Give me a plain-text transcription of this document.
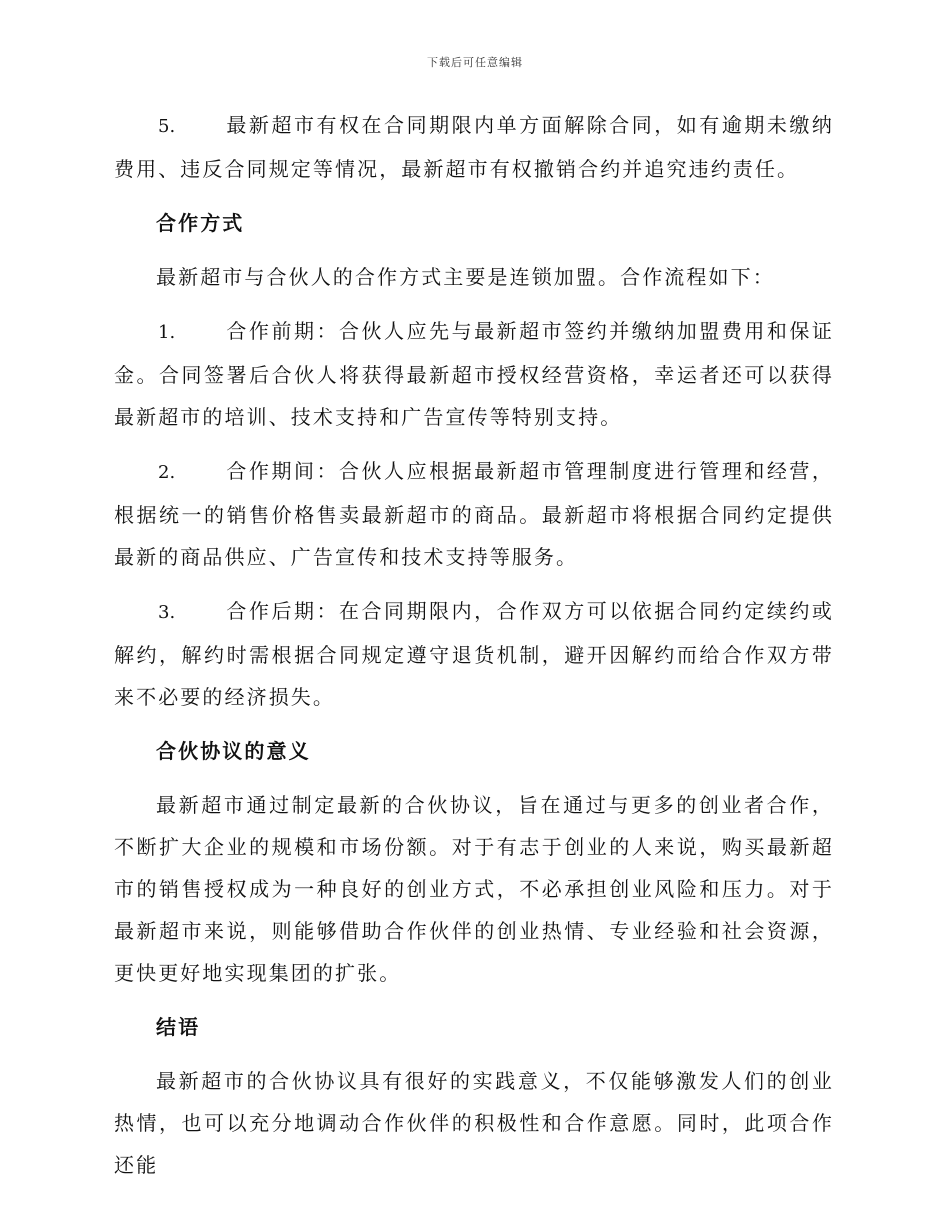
下载后可任意编辑

5.	最新超市有权在合同期限内单方面解除合同，如有逾期未缴纳费用、违反合同规定等情况，最新超市有权撤销合约并追究违约责任。

合作方式

最新超市与合伙人的合作方式主要是连锁加盟。合作流程如下：

1.	合作前期：合伙人应先与最新超市签约并缴纳加盟费用和保证金。合同签署后合伙人将获得最新超市授权经营资格，幸运者还可以获得最新超市的培训、技术支持和广告宣传等特别支持。

2.	合作期间：合伙人应根据最新超市管理制度进行管理和经营，根据统一的销售价格售卖最新超市的商品。最新超市将根据合同约定提供最新的商品供应、广告宣传和技术支持等服务。

3.	合作后期：在合同期限内，合作双方可以依据合同约定续约或解约，解约时需根据合同规定遵守退货机制，避开因解约而给合作双方带来不必要的经济损失。

合伙协议的意义

最新超市通过制定最新的合伙协议，旨在通过与更多的创业者合作，不断扩大企业的规模和市场份额。对于有志于创业的人来说，购买最新超市的销售授权成为一种良好的创业方式，不必承担创业风险和压力。对于最新超市来说，则能够借助合作伙伴的创业热情、专业经验和社会资源，更快更好地实现集团的扩张。

结语

最新超市的合伙协议具有很好的实践意义，不仅能够激发人们的创业热情，也可以充分地调动合作伙伴的积极性和合作意愿。同时，此项合作还能
